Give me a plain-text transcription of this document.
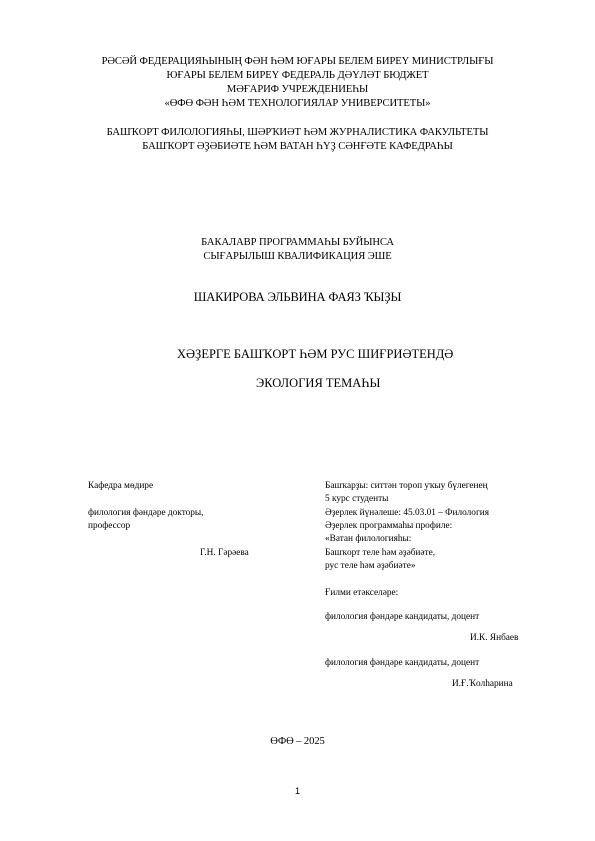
РӘСӘЙ ФЕДЕРАЦИЯҺЫНЫҢ ФӘН ҺӘМ ЮҒАРЫ БЕЛЕМ БИРЕҮ МИНИСТРЛЫҒЫ
ЮҒАРЫ БЕЛЕМ БИРЕҮ ФЕДЕРАЛЬ ДӘҮЛӘТ БЮДЖЕТ
МӘҒАРИФ УЧРЕЖДЕНИЕҺЫ
«ӨФӨ ФӘН ҺӘМ ТЕХНОЛОГИЯЛАР УНИВЕРСИТЕТЫ»
БАШҠОРТ ФИЛОЛОГИЯҺЫ, ШӘРҠИӘТ ҺӘМ ЖУРНАЛИСТИКА ФАКУЛЬТЕТЫ
БАШҠОРТ ӘҘӘБИӘТЕ ҺӘМ ВАТАН ҺҮҘ СӘНҒӘТЕ КАФЕДРАҺЫ
БАКАЛАВР ПРОГРАММАҺЫ БУЙЫНСА
СЫҒАРЫЛЫШ КВАЛИФИКАЦИЯ ЭШЕ
ШАКИРОВА ЭЛЬВИНА ФАЯЗ ҠЫҘЫ
ХӘҘЕРГЕ БАШҠОРТ ҺӘМ РУС ШИҒРИӘТЕНДӘ
ЭКОЛОГИЯ ТЕМАҺЫ
Кафедра мөдире
филология фәндәре докторы,
профессор
Г.Н. Гәрәева
Башҡарҙы: ситтән тороп уҡыу бүлегенең
5 курс студенты
Әҙерлек йүнәлеше: 45.03.01 – Филология
Әҙерлек программаһы профиле:
«Ватан филологияһы:
Башҡорт теле һәм әҙәбиәте,
рус теле һәм әҙәбиәте»
Ғилми етәкселәре:
филология фәндәре кандидаты, доцент
И.К. Янбаев
филология фәндәре кандидаты, доцент
И.Ғ.Ҡолһарина
ӨФӨ – 2025
1
